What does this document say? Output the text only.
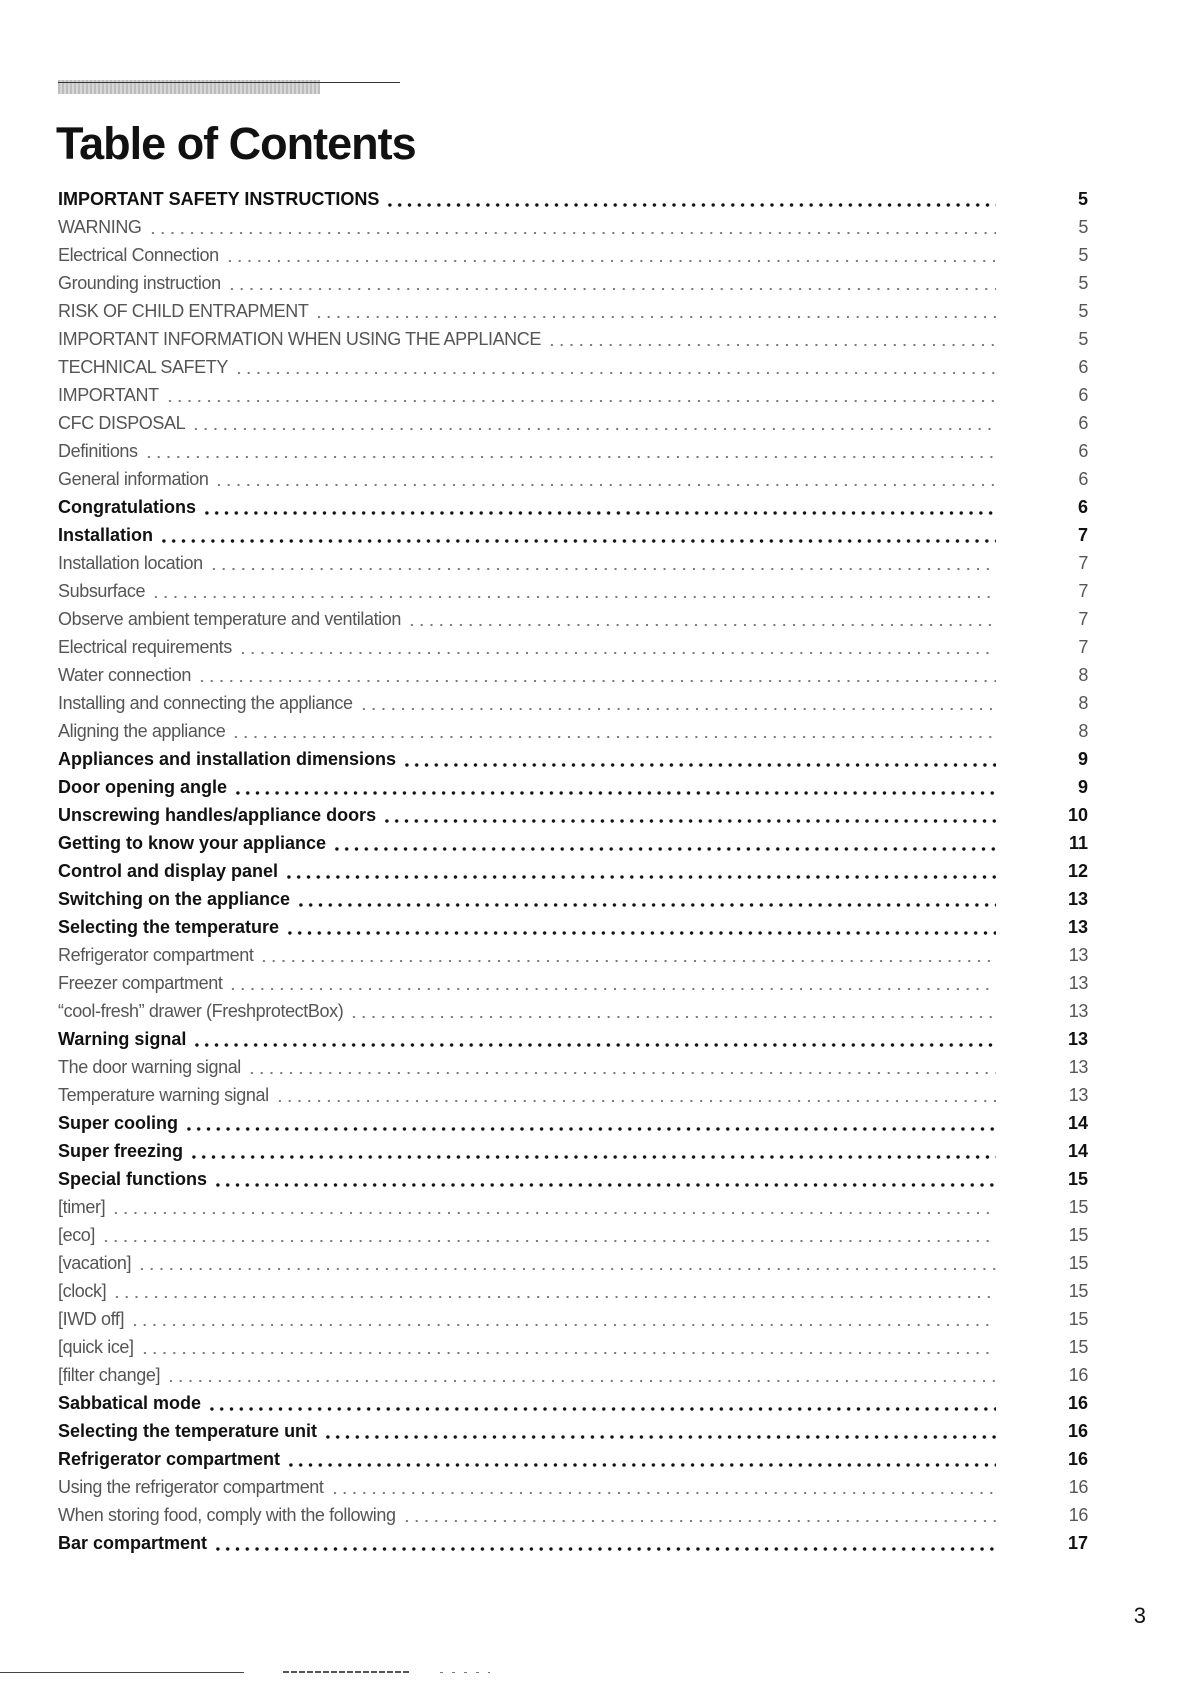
Table of Contents
IMPORTANT SAFETY INSTRUCTIONS	5
WARNING	5
Electrical Connection	5
Grounding instruction	5
RISK OF CHILD ENTRAPMENT	5
IMPORTANT INFORMATION WHEN USING THE APPLIANCE	5
TECHNICAL SAFETY	6
IMPORTANT	6
CFC DISPOSAL	6
Definitions	6
General information	6
Congratulations	6
Installation	7
Installation location	7
Subsurface	7
Observe ambient temperature and ventilation	7
Electrical requirements	7
Water connection	8
Installing and connecting the appliance	8
Aligning the appliance	8
Appliances and installation dimensions	9
Door opening angle	9
Unscrewing handles/appliance doors	10
Getting to know your appliance	11
Control and display panel	12
Switching on the appliance	13
Selecting the temperature	13
Refrigerator compartment	13
Freezer compartment	13
“cool-fresh” drawer (FreshprotectBox)	13
Warning signal	13
The door warning signal	13
Temperature warning signal	13
Super cooling	14
Super freezing	14
Special functions	15
[timer]	15
[eco]	15
[vacation]	15
[clock]	15
[IWD off]	15
[quick ice]	15
[filter change]	16
Sabbatical mode	16
Selecting the temperature unit	16
Refrigerator compartment	16
Using the refrigerator compartment	16
When storing food, comply with the following	16
Bar compartment	17
3
